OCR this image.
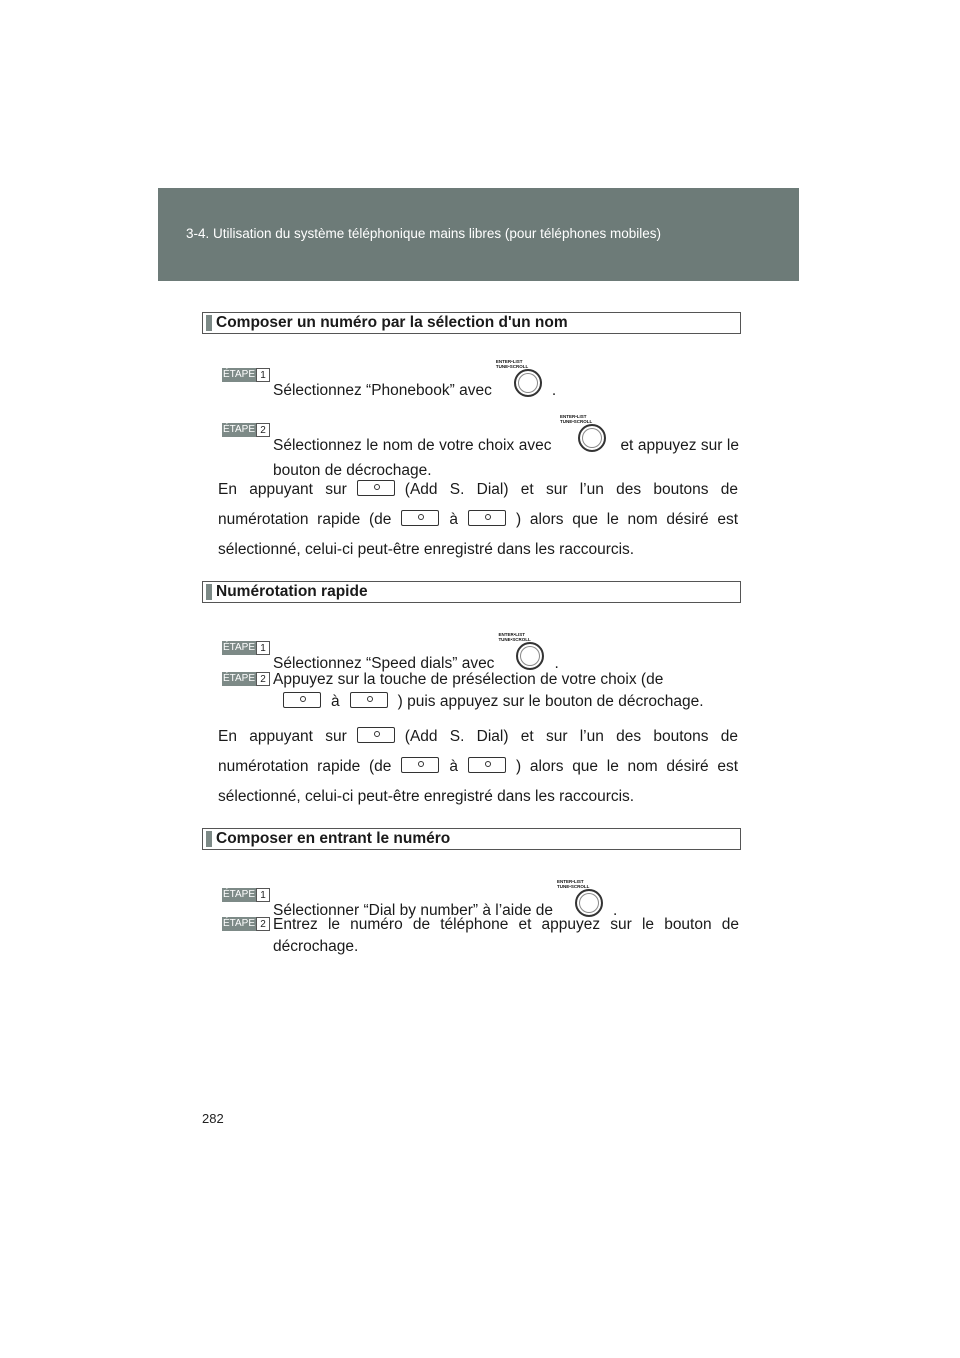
3-4. Utilisation du système téléphonique mains libres (pour téléphones mobiles)
Composer un numéro par la sélection d'un nom
ÉTAPE 1
Sélectionnez “Phonebook” avec
ENTER•LIST
TUNE•SCROLL
.
ÉTAPE 2
Sélectionnez le nom de votre choix avec
ENTER•LIST
TUNE•SCROLL
et appuyez sur le bouton de décrochage.
En appuyant sur	(Add S. Dial) et sur l’un des boutons de
numérotation rapide (de	à	) alors que le nom désiré est
sélectionné, celui-ci peut-être enregistré dans les raccourcis.
Numérotation rapide
ÉTAPE 1
Sélectionnez “Speed dials” avec
ENTER•LIST
TUNE•SCROLL
.
ÉTAPE 2 Appuyez sur la touche de présélection de votre choix (de
à	) puis appuyez sur le bouton de décrochage.
En appuyant sur	(Add S. Dial) et sur l’un des boutons de
numérotation rapide (de	à	) alors que le nom désiré est
sélectionné, celui-ci peut-être enregistré dans les raccourcis.
Composer en entrant le numéro
ÉTAPE 1
Sélectionner “Dial by number” à l’aide de
ENTER•LIST
TUNE•SCROLL
.
ÉTAPE 2 Entrez le numéro de téléphone et appuyez sur le bouton de décrochage.
282
